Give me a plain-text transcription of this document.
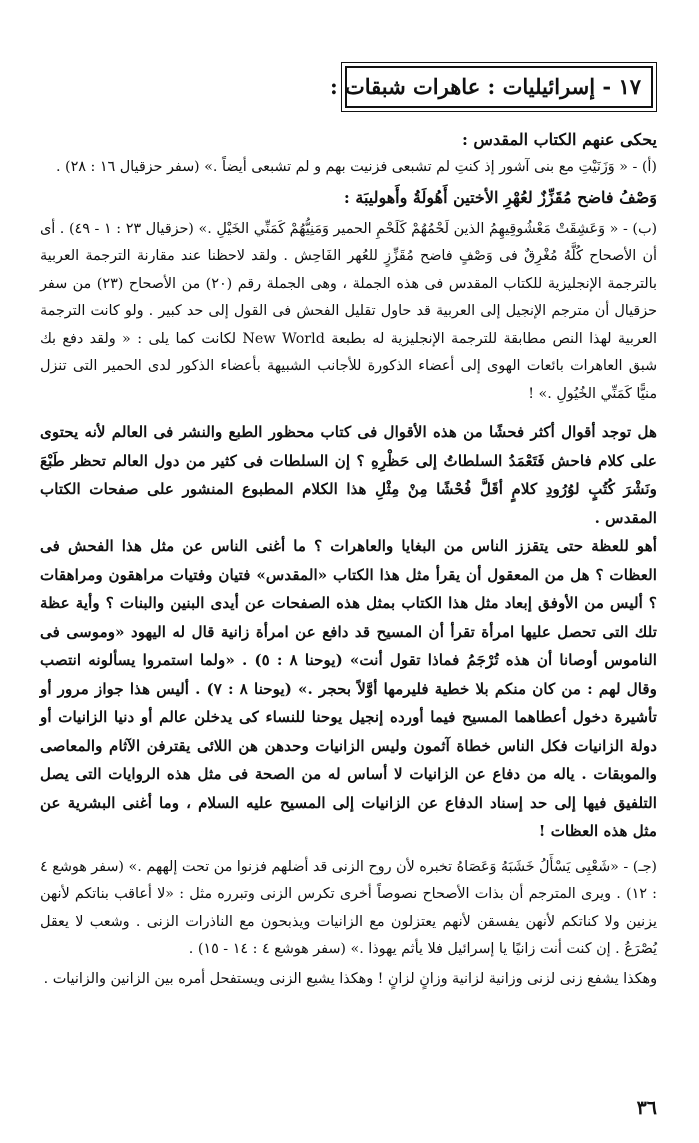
١٧ - إسرائيليات : عاهرات شبقات :
يحكى عنهم الكتاب المقدس :

(أ) - « وَزَنَيْتِ مع بنى آشور إذ كنتِ لم تشبعى فزنيت بهم و لم تشبعى أيضاً .» (سفر حزقيال ١٦ : ٢٨) .

وَصْفُ فاضح مُقَزِّزٌ لعُهْرِ الأختين أَهُولَةُ وأَهوليبَة :

(ب) - « وَعَشِقَتْ مَعْشُوقِيهِمُ الذين لَحْمُهُمْ كَلَحْمِ الحمير وَمَنِيُّهُمْ كَمَنِّي الخَيْلِ .» (حزقيال ٢٣ : ١ - ٤٩) . أى أن الأصحاح كُلَّهُ مُغْرِقٌ فى وَصْفٍ فاضح مُقَزِّزٍ للعُهر الفَاحِش . ولقد لاحظنا عند مقارنة الترجمة العربية بالترجمة الإنجليزية للكتاب المقدس فى هذه الجملة ، وهى الجملة رقم (٢٠) من الأصحاح (٢٣) من سفر حزقيال أن مترجم الإنجيل إلى العربية قد حاول تقليل الفحش فى القول إلى حد كبير . ولو كانت الترجمة العربية لهذا النص مطابقة للترجمة الإنجليزية له بطبعة New World لكانت كما يلى : « ولقد دفع بك شبق العاهرات بائعات الهوى إلى أعضاء الذكورة للأجانب الشبيهة بأعضاء الذكور لدى الحمير التى تنزل منيًّا كَمَنِّي الخُيُولِ .» !

هل توجد أقوال أكثر فحشًا من هذه الأقوال فى كتاب محظور الطبع والنشر فى العالم لأنه يحتوى على كلام فاحش فَتَعْمَدُ السلطاتُ إلى حَظْرِهِ ؟ إن السلطات فى كثير من دول العالم تحظر طَبْعَ ونَشْرَ كُتُبٍ لوُرُودِ كلامٍ أقَلَّ فُحْشًا مِنْ مِثْلِ هذا الكلام المطبوع المنشور على صفحات الكتاب المقدس .

أهو للعظة حتى يتقزز الناس من البغايا والعاهرات ؟ ما أغنى الناس عن مثل هذا الفحش فى العظات ؟ هل من المعقول أن يقرأ مثل هذا الكتاب «المقدس» فتيان وفتيات مراهقون ومراهقات ؟ أليس من الأوفق إبعاد مثل هذا الكتاب بمثل هذه الصفحات عن أيدى البنين والبنات ؟ وأية عظة تلك التى تحصل عليها امرأة تقرأ أن المسيح قد دافع عن امرأة زانية قال له اليهود «وموسى فى الناموس أوصانا أن هذه تُرْجَمُ فماذا تقول أنت» (يوحنا ٨ : ٥) . «ولما استمروا يسألونه انتصب وقال لهم : من كان منكم بلا خطية فليرمها أوَّلاً بحجر .» (يوحنا ٨ : ٧) . أليس هذا جواز مرور أو تأشيرة دخول أعطاهما المسيح فيما أورده إنجيل يوحنا للنساء كى يدخلن عالم أو دنيا الزانيات أو دولة الزانيات فكل الناس خطاة آثمون وليس الزانيات وحدهن هن اللائى يقترفن الآثام والمعاصى والموبقات . ياله من دفاع عن الزانيات لا أساس له من الصحة فى مثل هذه الروايات التى يصل التلفيق فيها إلى حد إسناد الدفاع عن الزانيات إلى المسيح عليه السلام ، وما أغنى البشرية عن مثل هذه العظات !

(جـ) - «شَعْبِى يَسْأَلُ خَشَبَهُ وَعَصَاهُ تخبره لأن روح الزنى قد أضلهم فزنوا من تحت إلههم .» (سفر هوشع ٤ : ١٢) . ويرى المترجم أن بذات الأصحاح نصوصاً أخرى تكرس الزنى وتبرره مثل : «لا أعاقب بناتكم لأنهن يزنين ولا كناتكم لأنهن يفسقن لأنهم يعتزلون مع الزانيات ويذبحون مع الناذرات الزنى . وشعب لا يعقل يُصْرَعُ . إن كنت أنت زانيًا يا إسرائيل فلا يأثم يهوذا .» (سفر هوشع ٤ : ١٤ - ١٥) .

وهكذا يشفع زنى لزنى وزانية لزانية وزانٍ لزانٍ ! وهكذا يشيع الزنى ويستفحل أمره بين الزانين والزانيات .

٣٦
